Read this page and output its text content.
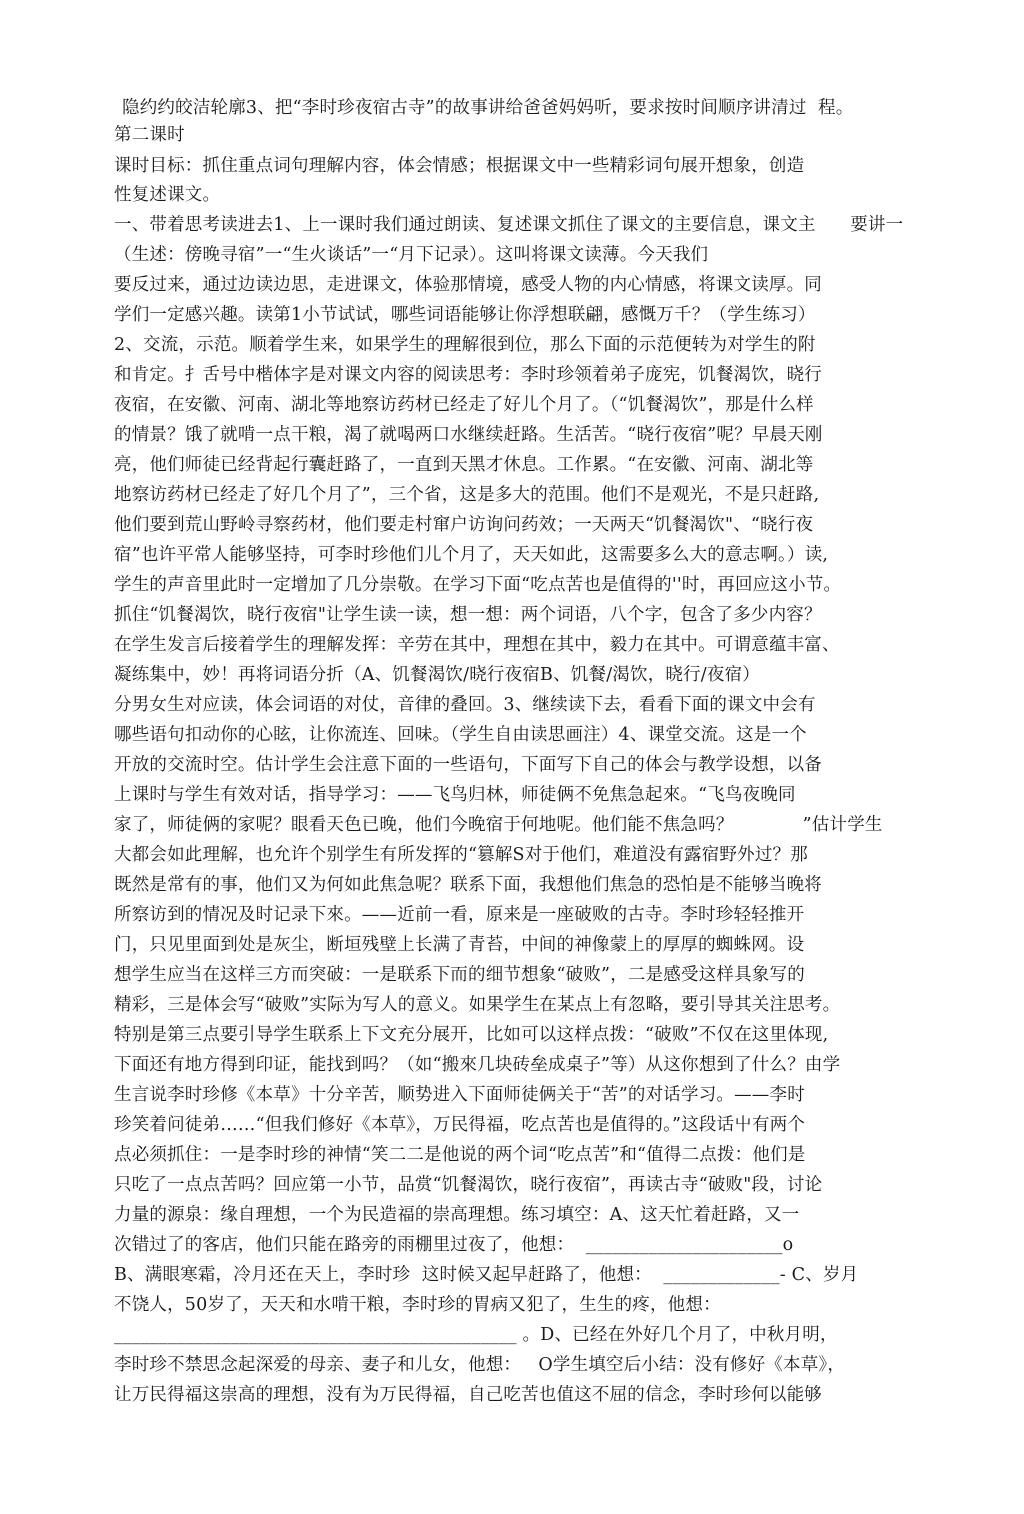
隐约约皎洁轮廓3、把“李时珍夜宿古寺”的故事讲给爸爸妈妈听，要求按时间顺序讲清过  程。
第二课时
课时目标：抓住重点词句理解内容，体会情感；根据课文中一些精彩词句展开想象，创造
性复述课文。
一、带着思考读进去1、上一课时我们通过朗读、复述课文抓住了课文的主要信息，课文主      要讲一
（生述：傍晚寻宿”一“生火谈话”一“月下记录）。这叫将课文读薄。今天我们
要反过来，通过边读边思，走进课文，体验那情境，感受人物的内心情感，将课文读厚。同
学们一定感兴趣。读第1小节试试，哪些词语能够让你浮想联翩，感慨万千？（学生练习）
2、交流，示范。顺着学生来，如果学生的理解很到位，那么下面的示范便转为对学生的附
和肯定。扌舌号中楷体字是对课文内容的阅读思考：李时珍领着弟子庞宪，饥餐渴饮，晓行
夜宿，在安徽、河南、湖北等地察访药材已经走了好儿个月了。（“饥餐渴饮”，那是什么样
的情景？饿了就啃一点干粮，渴了就喝两口水继续赶路。生活苦。“晓行夜宿”呢？早晨天刚
亮，他们师徒已经背起行囊赶路了，一直到天黑才休息。工作累。“在安徽、河南、湖北等
地察访药材已经走了好几个月了”，三个省，这是多大的范围。他们不是观光，不是只赶路,
他们要到荒山野岭寻察药材，他们要走村窜户访询问药效；一天两天“饥餐渴饮"、“晓行夜
宿”也许平常人能够坚持，可李时珍他们儿个月了，天天如此，这需要多么大的意志啊。）读,
学生的声音里此时一定增加了几分崇敬。在学习下面“吃点苦也是值得的''时，再回应这小节。
抓住“饥餐渴饮，晓行夜宿"让学生读一读，想一想：两个词语，八个字，包含了多少内容？
在学生发言后接着学生的理解发挥：辛劳在其中，理想在其中，毅力在其中。可谓意蕴丰富、
凝练集中，妙！再将词语分折（A、饥餐渴饮/晓行夜宿B、饥餐/渴饮，晓行/夜宿）
分男女生对应读，体会词语的对仗，音律的叠回。3、继续读下去，看看下面的课文中会有
哪些语句扣动你的心眩，让你流连、回味。（学生自由读思画注）4、课堂交流。这是一个
开放的交流时空。估计学生会注意下面的一些语句，下面写下自己的体会与教学设想，以备
上课时与学生有效对话，指导学习：——飞鸟归林，师徒俩不免焦急起來。“飞鸟夜晚同
家了，师徒俩的家呢？眼看天色已晚，他们今晚宿于何地呢。他们能不焦急吗？            ”估计学生
大都会如此理解，也允许个别学生有所发挥的“篡解S对于他们，难道没有露宿野外过？那
既然是常有的事，他们又为何如此焦急呢？联系下面，我想他们焦急的恐怕是不能够当晚将
所察访到的情况及时记录下來。——近前一看，原来是一座破败的古寺。李时珍轻轻推开
门，只见里面到处是灰尘，断垣残壁上长满了青苔，中间的神像蒙上的厚厚的蜘蛛网。设
想学生应当在这样三方而突破：一是联系下而的细节想象“破败”，二是感受这样具象写的
精彩，三是体会写“破败”实际为写人的意义。如果学生在某点上有忽略，要引导其关注思考。
特别是第三点要引导学生联系上下文充分展开，比如可以这样点拨：“破败”不仅在这里体现,
下面还有地方得到印证，能找到吗？（如“搬來几块砖垒成桌子”等）从这你想到了什么？由学
生言说李时珍修《本草》十分辛苦，顺势进入下面师徒俩关于“苦”的对话学习。——李时
珍笑着问徒弟……“但我们修好《本草》，万民得福，吃点苦也是值得的。”这段话屮有两个
点必须抓住：一是李时珍的神情“笑二二是他说的两个词“吃点苦”和“值得二点拨：他们是
只吃了一点点苦吗？回应第一小节，品赏“饥餐渴饮，晓行夜宿”，再读古寺“破败"段，讨论
力量的源泉：缘自理想，一个为民造福的崇高理想。练习填空：A、这天忙着赶路，又一
次错过了的客店，他们只能在路旁的雨棚里过夜了，他想：  ______________________o
B、满眼寒霜，冷月还在天上，李时珍  这时候又起早赶路了，他想：  _____________- C、岁月
不饶人，50岁了，天天和水啃干粮，李时珍的胃病又犯了，生生的疼，他想：
_____________________________________________ 。D、已经在外好几个月了，中秋月明，
李时珍不禁思念起深爱的母亲、妻子和儿女，他想：   O学生填空后小结：没有修好《本草》，
让万民得福这崇高的理想，没有为万民得福，自己吃苦也值这不屈的信念，李时珍何以能够
